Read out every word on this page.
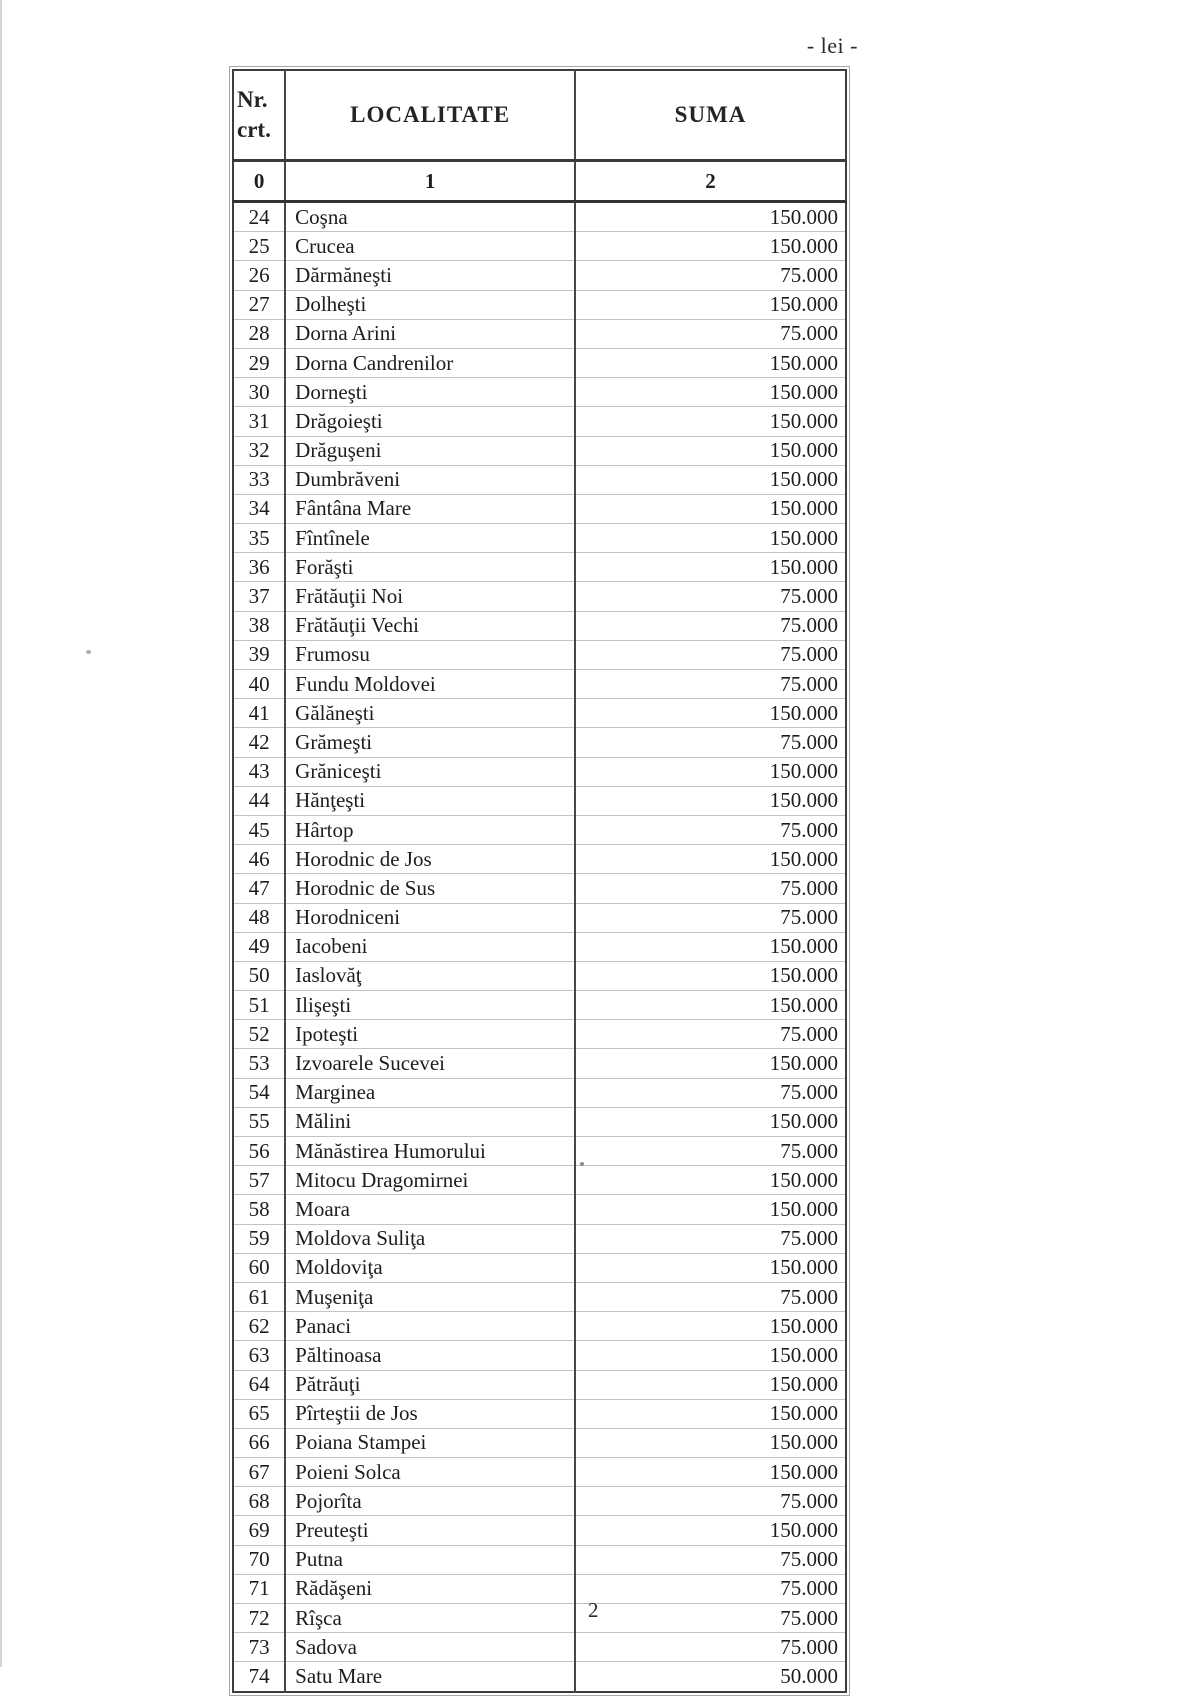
- lei -
Nr.
crt.	LOCALITATE	SUMA
0	1	2
24	Coşna	150.000
25	Crucea	150.000
26	Dărmăneşti	75.000
27	Dolheşti	150.000
28	Dorna Arini	75.000
29	Dorna Candrenilor	150.000
30	Dorneşti	150.000
31	Drăgoieşti	150.000
32	Drăguşeni	150.000
33	Dumbrăveni	150.000
34	Fântâna Mare	150.000
35	Fîntînele	150.000
36	Forăşti	150.000
37	Frătăuţii Noi	75.000
38	Frătăuţii Vechi	75.000
39	Frumosu	75.000
40	Fundu Moldovei	75.000
41	Gălăneşti	150.000
42	Grămeşti	75.000
43	Grăniceşti	150.000
44	Hănţeşti	150.000
45	Hârtop	75.000
46	Horodnic de Jos	150.000
47	Horodnic de Sus	75.000
48	Horodniceni	75.000
49	Iacobeni	150.000
50	Iaslovăţ	150.000
51	Ilişeşti	150.000
52	Ipoteşti	75.000
53	Izvoarele Sucevei	150.000
54	Marginea	75.000
55	Mălini	150.000
56	Mănăstirea Humorului	75.000
57	Mitocu Dragomirnei	150.000
58	Moara	150.000
59	Moldova Suliţa	75.000
60	Moldoviţa	150.000
61	Muşeniţa	75.000
62	Panaci	150.000
63	Păltinoasa	150.000
64	Pătrăuţi	150.000
65	Pîrteştii de Jos	150.000
66	Poiana Stampei	150.000
67	Poieni Solca	150.000
68	Pojorîta	75.000
69	Preuteşti	150.000
70	Putna	75.000
71	Rădăşeni	75.000
72	Rîşca	75.000
73	Sadova	75.000
74	Satu Mare	50.000
2
